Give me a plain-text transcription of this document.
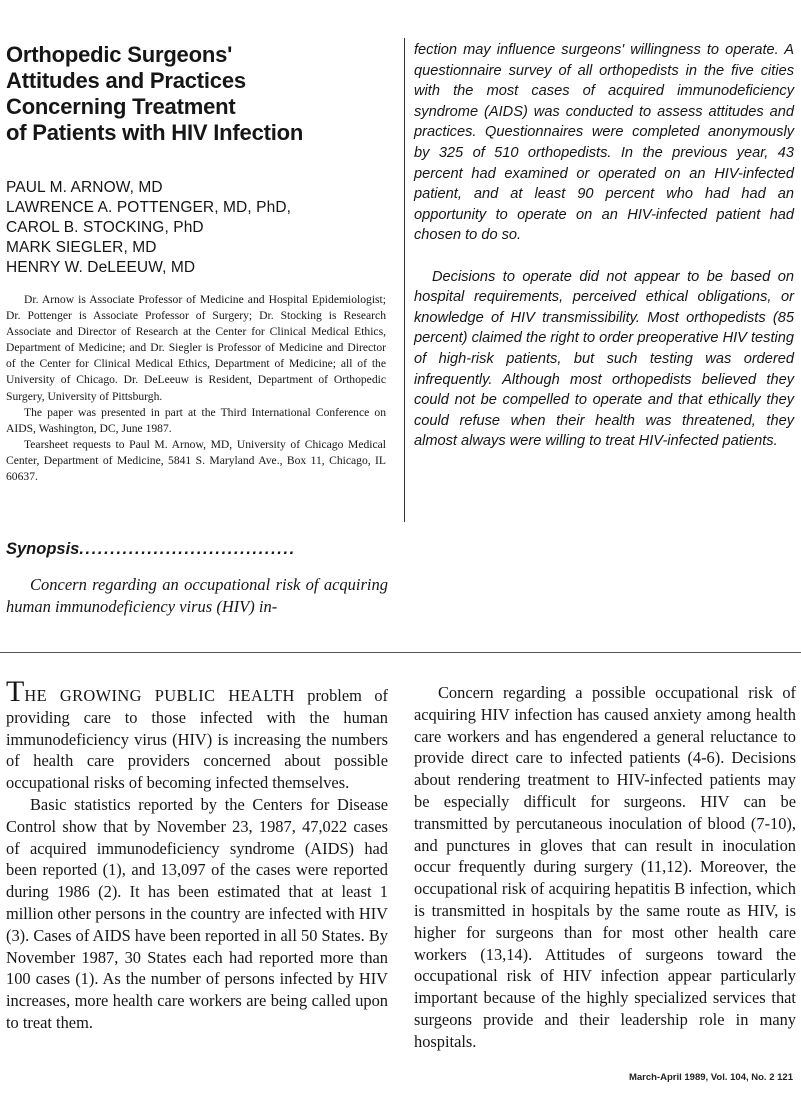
Orthopedic Surgeons'
Attitudes and Practices
Concerning Treatment
of Patients with HIV Infection
PAUL M. ARNOW, MD
LAWRENCE A. POTTENGER, MD, PhD,
CAROL B. STOCKING, PhD
MARK SIEGLER, MD
HENRY W. DeLEEUW, MD

Dr. Arnow is Associate Professor of Medicine and Hospital Epidemiologist; Dr. Pottenger is Associate Professor of Surgery; Dr. Stocking is Research Associate and Director of Research at the Center for Clinical Medical Ethics, Department of Medicine; and Dr. Siegler is Professor of Medicine and Director of the Center for Clinical Medical Ethics, Department of Medicine; all of the University of Chicago. Dr. DeLeeuw is Resident, Department of Orthopedic Surgery, University of Pittsburgh.

The paper was presented in part at the Third International Conference on AIDS, Washington, DC, June 1987.

Tearsheet requests to Paul M. Arnow, MD, University of Chicago Medical Center, Department of Medicine, 5841 S. Maryland Ave., Box 11, Chicago, IL 60637.

Synopsis...................................

Concern regarding an occupational risk of acquiring human immunodeficiency virus (HIV) in-

fection may influence surgeons' willingness to operate. A questionnaire survey of all orthopedists in the five cities with the most cases of acquired immunodeficiency syndrome (AIDS) was conducted to assess attitudes and practices. Questionnaires were completed anonymously by 325 of 510 orthopedists. In the previous year, 43 percent had examined or operated on an HIV-infected patient, and at least 90 percent who had had an opportunity to operate on an HIV-infected patient had chosen to do so.

Decisions to operate did not appear to be based on hospital requirements, perceived ethical obligations, or knowledge of HIV transmissibility. Most orthopedists (85 percent) claimed the right to order preoperative HIV testing of high-risk patients, but such testing was ordered infrequently. Although most orthopedists believed they could not be compelled to operate and that ethically they could refuse when their health was threatened, they almost always were willing to treat HIV-infected patients.

THE GROWING PUBLIC HEALTH problem of providing care to those infected with the human immunodeficiency virus (HIV) is increasing the numbers of health care providers concerned about possible occupational risks of becoming infected themselves.

Basic statistics reported by the Centers for Disease Control show that by November 23, 1987, 47,022 cases of acquired immunodeficiency syndrome (AIDS) had been reported (1), and 13,097 of the cases were reported during 1986 (2). It has been estimated that at least 1 million other persons in the country are infected with HIV (3). Cases of AIDS have been reported in all 50 States. By November 1987, 30 States each had reported more than 100 cases (1). As the number of persons infected by HIV increases, more health care workers are being called upon to treat them.

Concern regarding a possible occupational risk of acquiring HIV infection has caused anxiety among health care workers and has engendered a general reluctance to provide direct care to infected patients (4-6). Decisions about rendering treatment to HIV-infected patients may be especially difficult for surgeons. HIV can be transmitted by percutaneous inoculation of blood (7-10), and punctures in gloves that can result in inoculation occur frequently during surgery (11,12). Moreover, the occupational risk of acquiring hepatitis B infection, which is transmitted in hospitals by the same route as HIV, is higher for surgeons than for most other health care workers (13,14). Attitudes of surgeons toward the occupational risk of HIV infection appear particularly important because of the highly specialized services that surgeons provide and their leadership role in many hospitals.

March-April 1989, Vol. 104, No. 2 121
